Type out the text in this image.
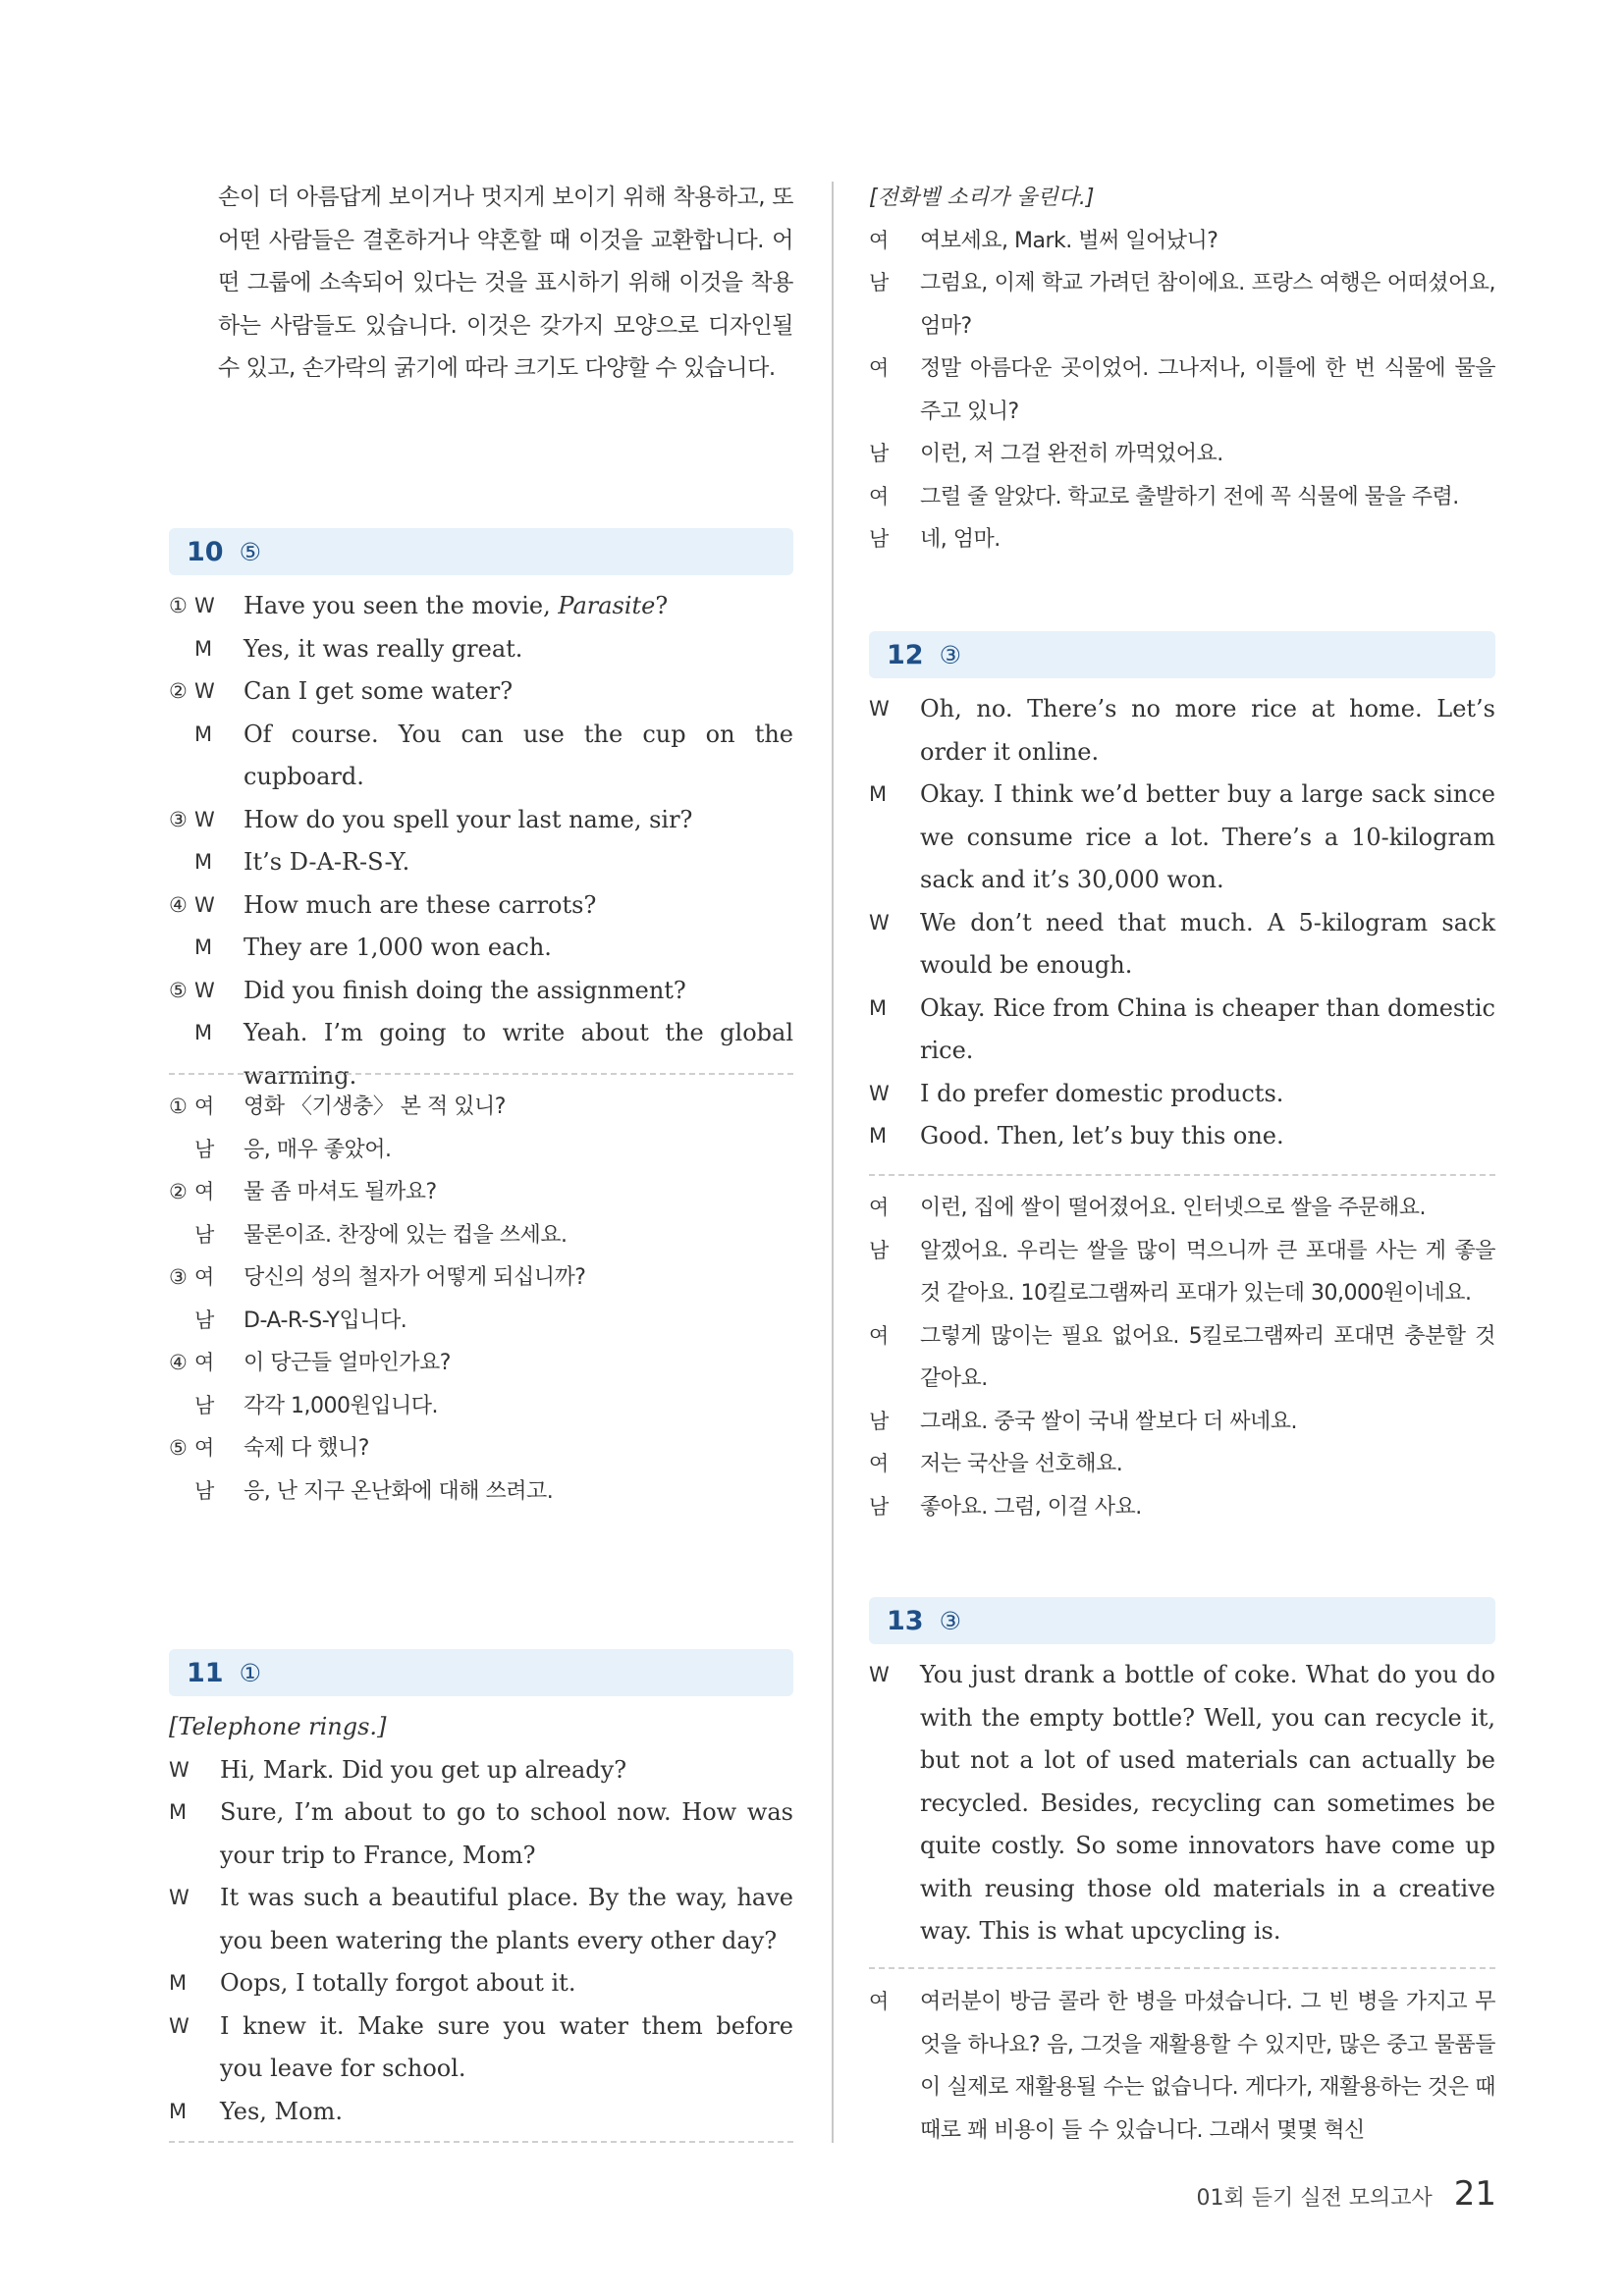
손이 더 아름답게 보이거나 멋지게 보이기 위해 착용하고, 또 어떤 사람들은 결혼하거나 약혼할 때 이것을 교환합니다. 어떤 그룹에 소속되어 있다는 것을 표시하기 위해 이것을 착용하는 사람들도 있습니다. 이것은 갖가지 모양으로 디자인될 수 있고, 손가락의 굵기에 따라 크기도 다양할 수 있습니다.

10 ⑤
① W	Have you seen the movie, Parasite?
M	Yes, it was really great.
② W	Can I get some water?
M	Of course. You can use the cup on the cupboard.
③ W	How do you spell your last name, sir?
M	It’s D-A-R-S-Y.
④ W	How much are these carrots?
M	They are 1,000 won each.
⑤ W	Did you finish doing the assignment?
M	Yeah. I’m going to write about the global warming.
① 여	영화 〈기생충〉 본 적 있니?
남	응, 매우 좋았어.
② 여	물 좀 마셔도 될까요?
남	물론이죠. 찬장에 있는 컵을 쓰세요.
③ 여	당신의 성의 철자가 어떻게 되십니까?
남	D-A-R-S-Y입니다.
④ 여	이 당근들 얼마인가요?
남	각각 1,000원입니다.
⑤ 여	숙제 다 했니?
남	응, 난 지구 온난화에 대해 쓰려고.
11 ①

[Telephone rings.]

W	Hi, Mark. Did you get up already?
M	Sure, I’m about to go to school now. How was your trip to France, Mom?
W	It was such a beautiful place. By the way, have you been watering the plants every other day?
M	Oops, I totally forgot about it.
W	I knew it. Make sure you water them before you leave for school.
M	Yes, Mom.

[전화벨 소리가 울린다.]

여	여보세요, Mark. 벌써 일어났니?
남	그럼요, 이제 학교 가려던 참이에요. 프랑스 여행은 어떠셨어요, 엄마?
여	정말 아름다운 곳이었어. 그나저나, 이틀에 한 번 식물에 물을 주고 있니?
남	이런, 저 그걸 완전히 까먹었어요.
여	그럴 줄 알았다. 학교로 출발하기 전에 꼭 식물에 물을 주렴.
남	네, 엄마.
12 ③
W	Oh, no. There’s no more rice at home. Let’s order it online.
M	Okay. I think we’d better buy a large sack since we consume rice a lot. There’s a 10-kilogram sack and it’s 30,000 won.
W	We don’t need that much. A 5-kilogram sack would be enough.
M	Okay. Rice from China is cheaper than domestic rice.
W	I do prefer domestic products.
M	Good. Then, let’s buy this one.
여	이런, 집에 쌀이 떨어졌어요. 인터넷으로 쌀을 주문해요.
남	알겠어요. 우리는 쌀을 많이 먹으니까 큰 포대를 사는 게 좋을 것 같아요. 10킬로그램짜리 포대가 있는데 30,000원이네요.
여	그렇게 많이는 필요 없어요. 5킬로그램짜리 포대면 충분할 것 같아요.
남	그래요. 중국 쌀이 국내 쌀보다 더 싸네요.
여	저는 국산을 선호해요.
남	좋아요. 그럼, 이걸 사요.
13 ③
W	You just drank a bottle of coke. What do you do with the empty bottle? Well, you can recycle it, but not a lot of used materials can actually be recycled. Besides, recycling can sometimes be quite costly. So some innovators have come up with reusing those old materials in a creative way. This is what upcycling is.
여	여러분이 방금 콜라 한 병을 마셨습니다. 그 빈 병을 가지고 무엇을 하나요? 음, 그것을 재활용할 수 있지만, 많은 중고 물품들이 실제로 재활용될 수는 없습니다. 게다가, 재활용하는 것은 때때로 꽤 비용이 들 수 있습니다. 그래서 몇몇 혁신
01회 듣기 실전 모의고사 21
